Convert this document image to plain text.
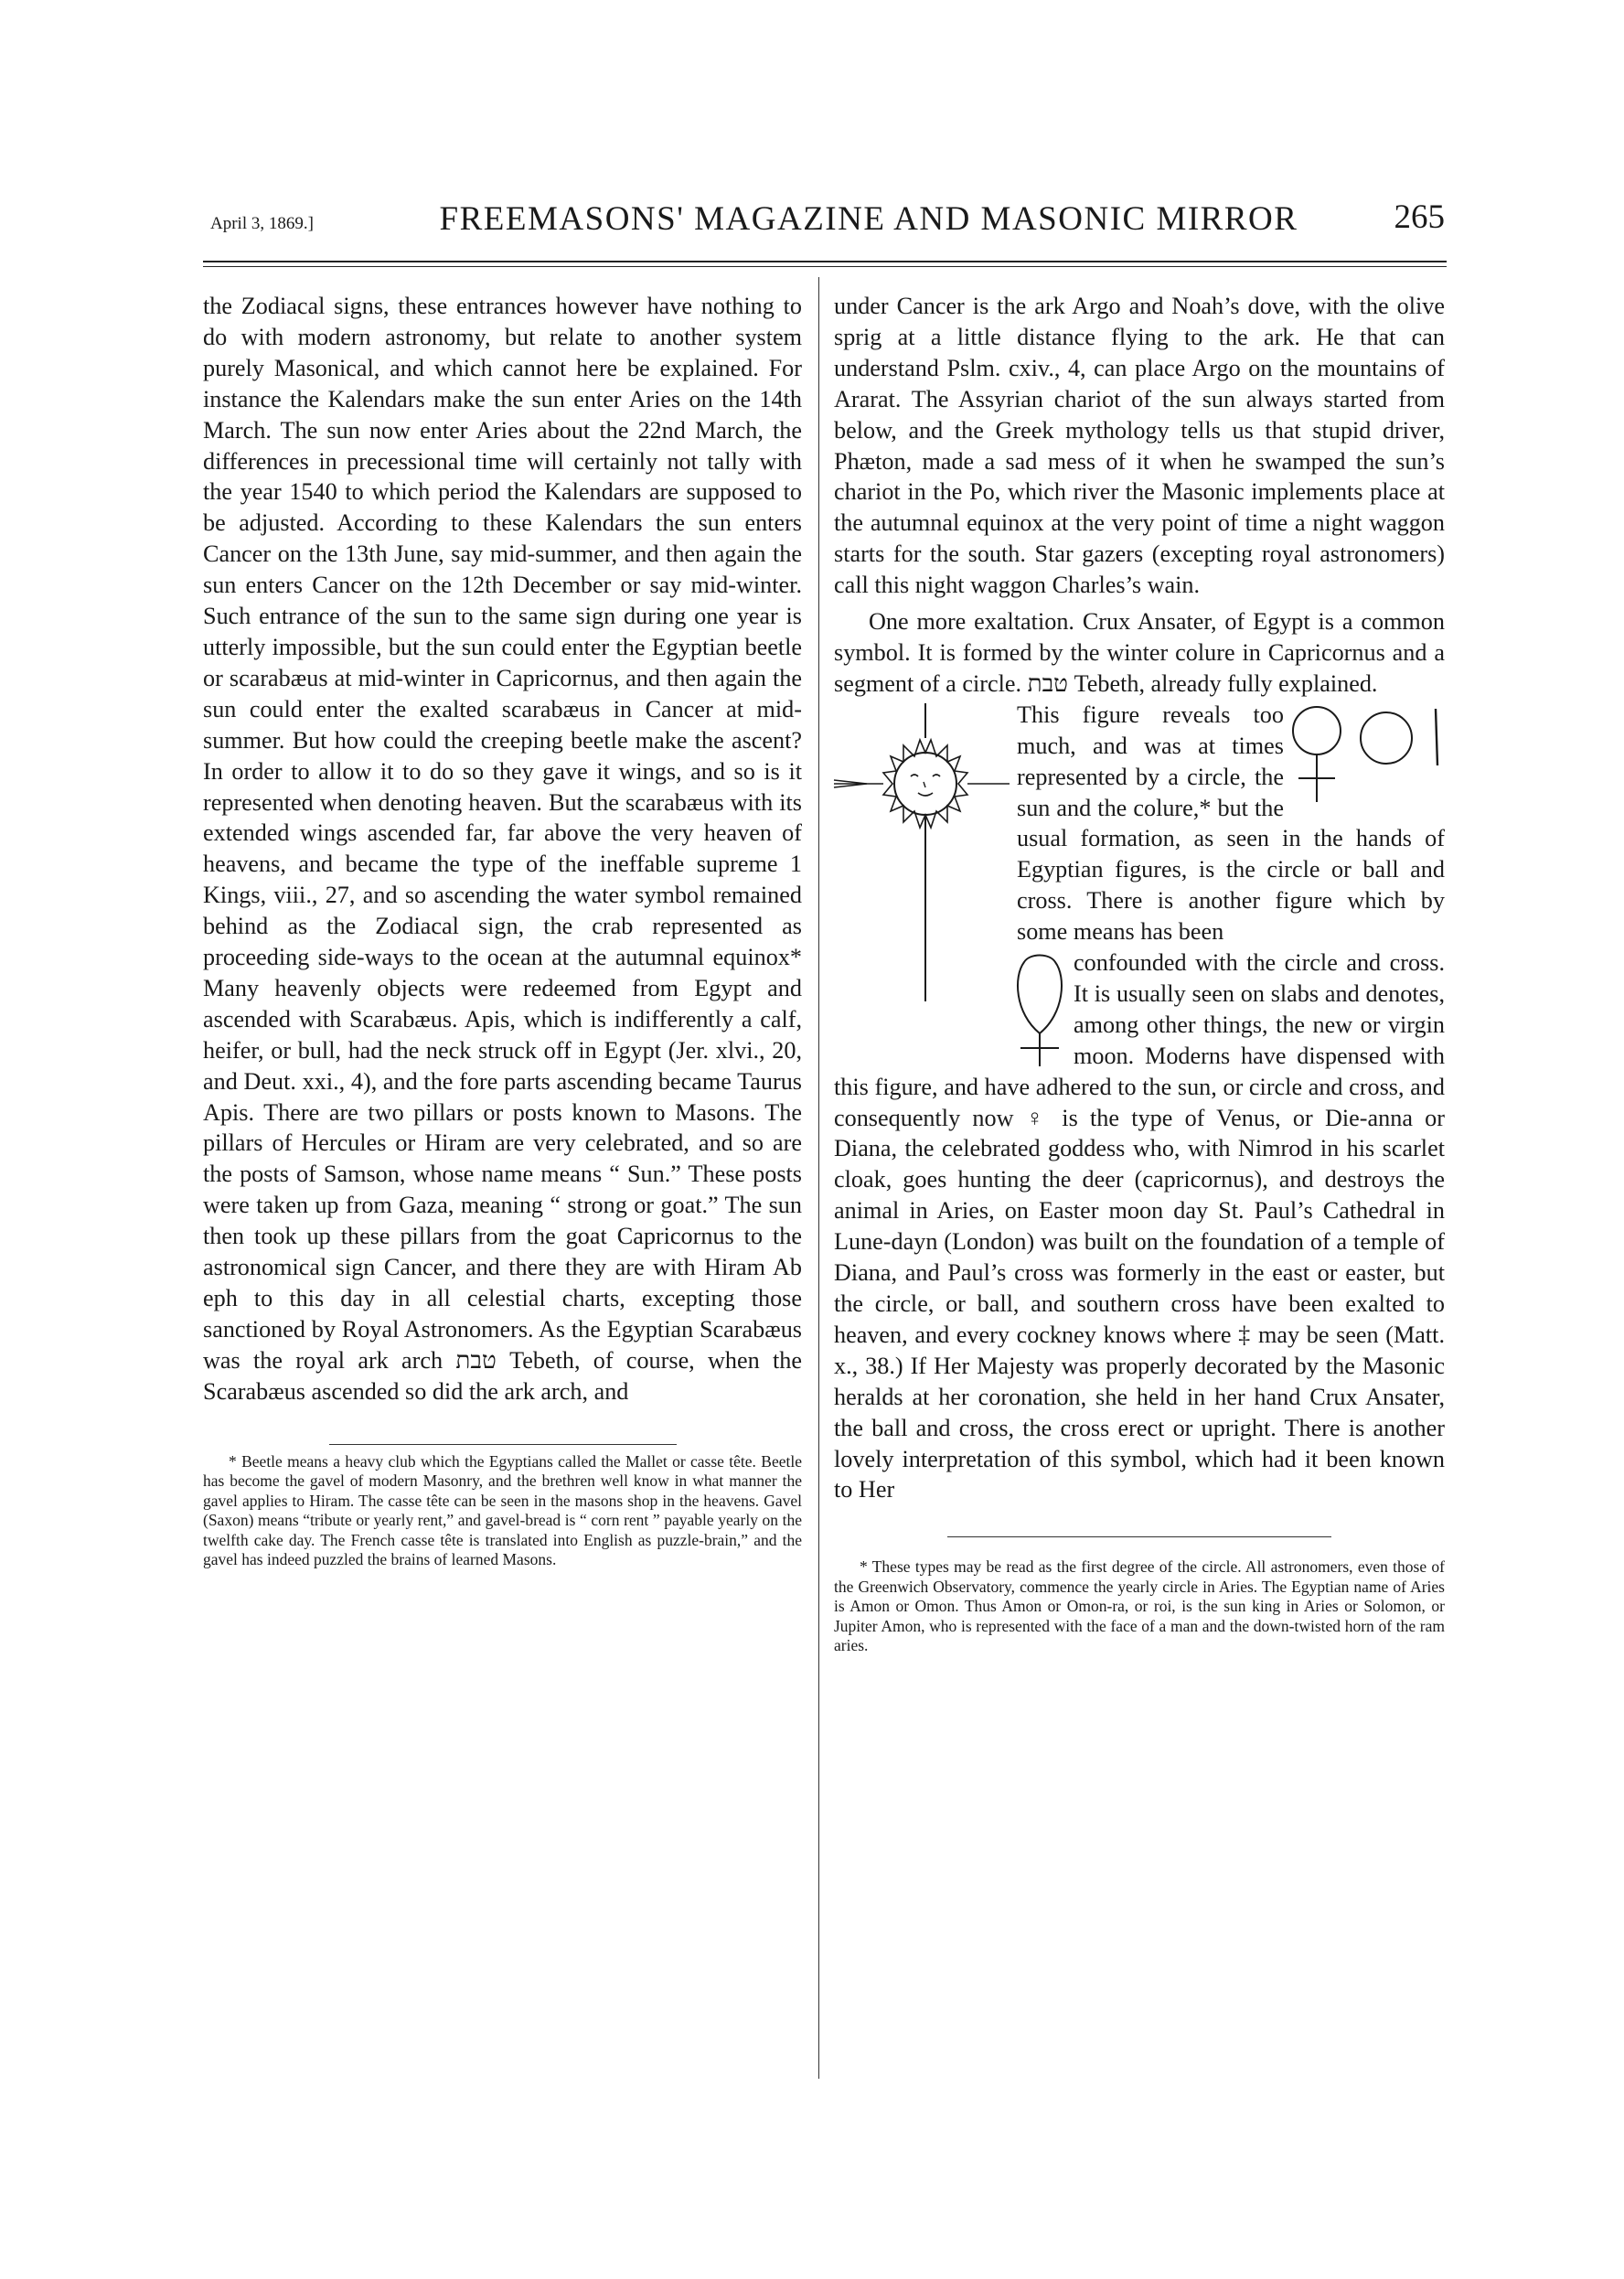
April 3, 1869.]	FREEMASONS' MAGAZINE AND MASONIC MIRROR	265

the Zodiacal signs, these entrances however have nothing to do with modern astronomy, but relate to another system purely Masonical, and which cannot here be explained. For instance the Kalendars make the sun enter Aries on the 14th March. The sun now enter Aries about the 22nd March, the differences in precessional time will certainly not tally with the year 1540 to which period the Kalendars are supposed to be adjusted. According to these Kalendars the sun enters Cancer on the 13th June, say mid-summer, and then again the sun enters Cancer on the 12th December or say mid-winter. Such entrance of the sun to the same sign during one year is utterly impossible, but the sun could enter the Egyptian beetle or scarabæus at mid-winter in Capricornus, and then again the sun could enter the exalted scarabæus in Cancer at mid-summer. But how could the creeping beetle make the ascent? In order to allow it to do so they gave it wings, and so is it represented when denoting heaven. But the scarabæus with its extended wings ascended far, far above the very heaven of heavens, and became the type of the ineffable supreme 1 Kings, viii., 27, and so ascending the water symbol remained behind as the Zodiacal sign, the crab represented as proceeding side-ways to the ocean at the autumnal equinox* Many heavenly objects were redeemed from Egypt and ascended with Scarabæus. Apis, which is indifferently a calf, heifer, or bull, had the neck struck off in Egypt (Jer. xlvi., 20, and Deut. xxi., 4), and the fore parts ascending became Taurus Apis. There are two pillars or posts known to Masons. The pillars of Hercules or Hiram are very celebrated, and so are the posts of Samson, whose name means “ Sun.” These posts were taken up from Gaza, meaning “ strong or goat.” The sun then took up these pillars from the goat Capricornus to the astronomical sign Cancer, and there they are with Hiram Ab eph to this day in all celestial charts, excepting those sanctioned by Royal Astronomers. As the Egyptian Scarabæus was the royal ark arch טבת Tebeth, of course, when the Scarabæus ascended so did the ark arch, and

* Beetle means a heavy club which the Egyptians called the Mallet or casse tête. Beetle has become the gavel of modern Masonry, and the brethren well know in what manner the gavel applies to Hiram. The casse tête can be seen in the masons shop in the heavens. Gavel (Saxon) means “tribute or yearly rent,” and gavel-bread is “ corn rent ” payable yearly on the twelfth cake day. The French casse tête is translated into English as puzzle-brain,” and the gavel has indeed puzzled the brains of learned Masons.

under Cancer is the ark Argo and Noah’s dove, with the olive sprig at a little distance flying to the ark. He that can understand Pslm. cxiv., 4, can place Argo on the mountains of Ararat. The Assyrian chariot of the sun always started from below, and the Greek mythology tells us that stupid driver, Phæton, made a sad mess of it when he swamped the sun’s chariot in the Po, which river the Masonic implements place at the autumnal equinox at the very point of time a night waggon starts for the south. Star gazers (excepting royal astronomers) call this night waggon Charles’s wain.

One more exaltation. Crux Ansater, of Egypt is a common symbol. It is formed by the winter colure in Capricornus and a segment of a circle. טבת Tebeth, already fully explained.

This figure reveals too much, and was at times represented by a circle, the sun and the colure,* but the usual formation, as seen in the hands of Egyptian figures, is the circle or ball and cross. There is another figure which by some means has been

confounded with the circle and cross. It is usually seen on slabs and denotes, among other things, the new or virgin moon. Moderns have dispensed with this figure, and have adhered to the sun, or circle and cross, and consequently now ♀ is the type of Venus, or Die-anna or Diana, the celebrated goddess who, with Nimrod in his scarlet cloak, goes hunting the deer (capricornus), and destroys the animal in Aries, on Easter moon day St. Paul’s Cathedral in Lune-dayn (London) was built on the foundation of a temple of Diana, and Paul’s cross was formerly in the east or easter, but the circle, or ball, and southern cross have been exalted to heaven, and every cockney knows where ‡ may be seen (Matt. x., 38.) If Her Majesty was properly decorated by the Masonic heralds at her coronation, she held in her hand Crux Ansater, the ball and cross, the cross erect or upright. There is another lovely interpretation of this symbol, which had it been known to Her

* These types may be read as the first degree of the circle. All astronomers, even those of the Greenwich Observatory, commence the yearly circle in Aries. The Egyptian name of Aries is Amon or Omon. Thus Amon or Omon-ra, or roi, is the sun king in Aries or Solomon, or Jupiter Amon, who is represented with the face of a man and the down-twisted horn of the ram aries.
